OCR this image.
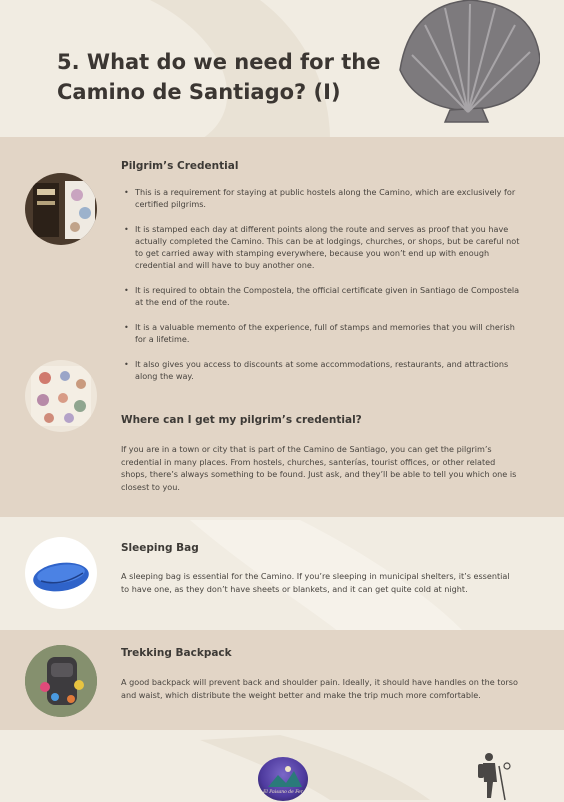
5. What do we need for the Camino de Santiago? (I)
Pilgrim’s Credential
• This is a requirement for staying at public hostels along the Camino, which are exclusively for certified pilgrims.
• It is stamped each day at different points along the route and serves as proof that you have actually completed the Camino. This can be at lodgings, churches, or shops, but be careful not to get carried away with stamping everywhere, because you won’t end up with enough credential and will have to buy another one.
• It is required to obtain the Compostela, the official certificate given in Santiago de Compostela at the end of the route.
• It is a valuable memento of the experience, full of stamps and memories that you will cherish for a lifetime.
• It also gives you access to discounts at some accommodations, restaurants, and attractions along the way.
Where can I get my pilgrim’s credential?

If you are in a town or city that is part of the Camino de Santiago, you can get the pilgrim’s credential in many places. From hostels, churches, santerías, tourist offices, or other related shops, there’s always something to be found. Just ask, and they’ll be able to tell you which one is closest to you.

Sleeping Bag

A sleeping bag is essential for the Camino. If you’re sleeping in municipal shelters, it’s essential to have one, as they don’t have sheets or blankets, and it can get quite cold at night.

Trekking Backpack

A good backpack will prevent back and shoulder pain. Ideally, it should have handles on the torso and waist, which distribute the weight better and make the trip much more comfortable.

El Paisano de Fer
